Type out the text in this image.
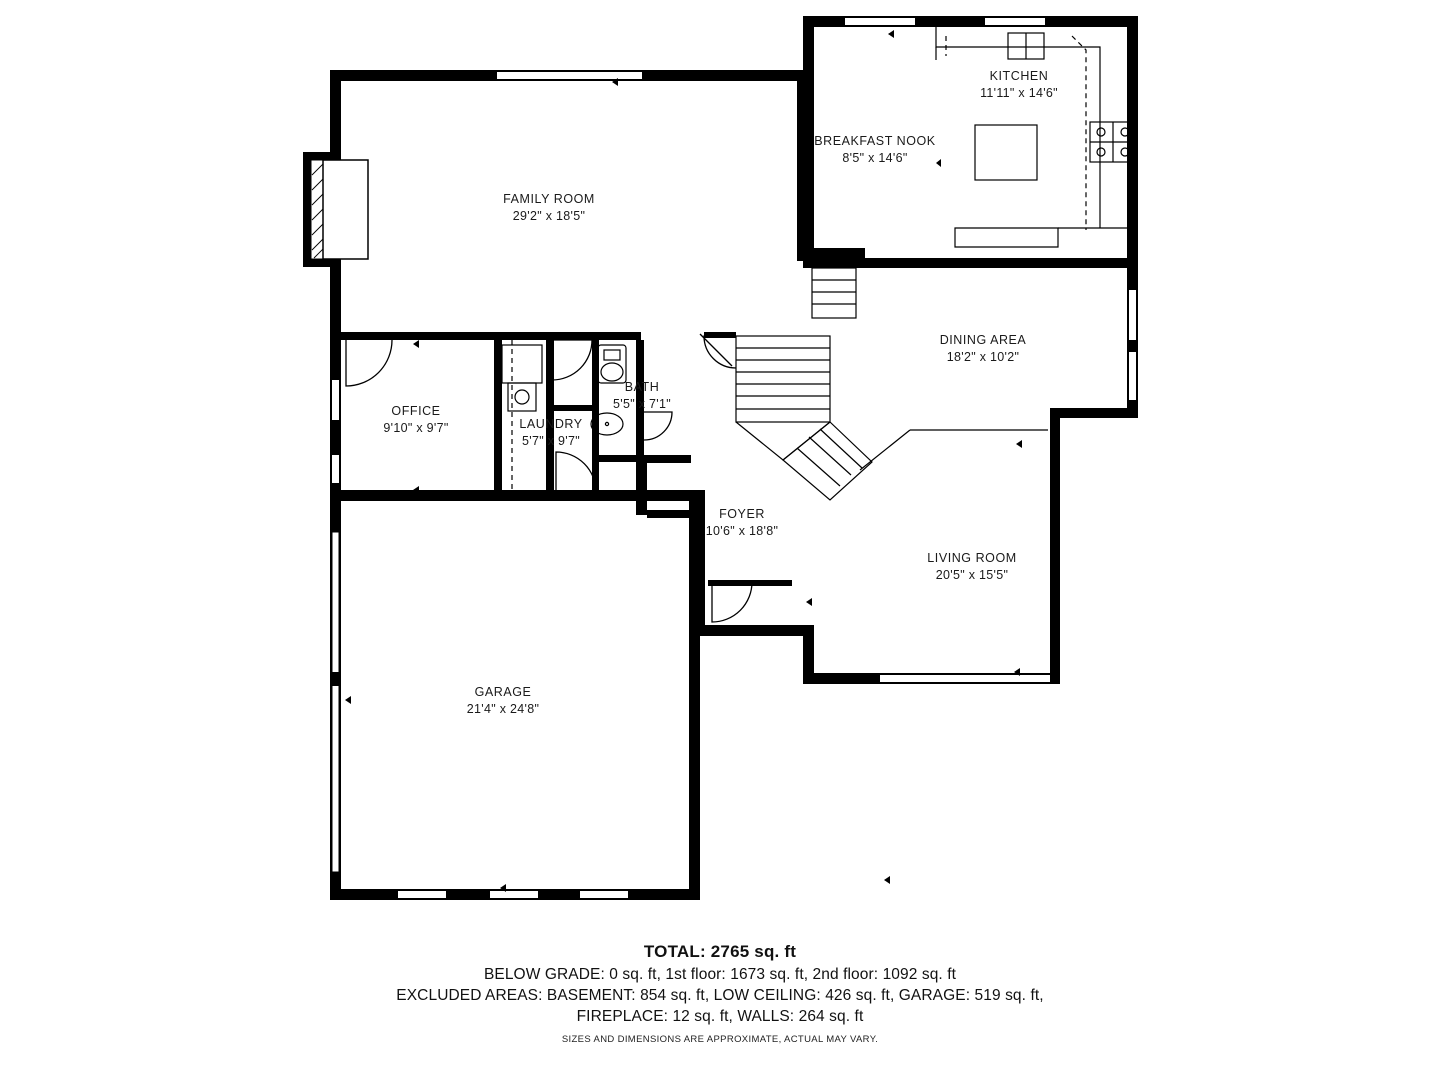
KITCHEN
11'11" x 14'6"
BREAKFAST NOOK
8'5" x 14'6"
FAMILY ROOM
29'2" x 18'5"
DINING AREA
18'2" x 10'2"
BATH
5'5" x 7'1"
OFFICE
9'10" x 9'7"	LAUNDRY
5'7" x 9'7"
FOYER
10'6" x 18'8"
LIVING ROOM
20'5" x 15'5"
GARAGE
21'4" x 24'8"
TOTAL: 2765 sq. ft
BELOW GRADE: 0 sq. ft, 1st floor: 1673 sq. ft, 2nd floor: 1092 sq. ft
EXCLUDED AREAS: BASEMENT: 854 sq. ft, LOW CEILING: 426 sq. ft, GARAGE: 519 sq. ft,
FIREPLACE: 12 sq. ft, WALLS: 264 sq. ft
SIZES AND DIMENSIONS ARE APPROXIMATE, ACTUAL MAY VARY.
